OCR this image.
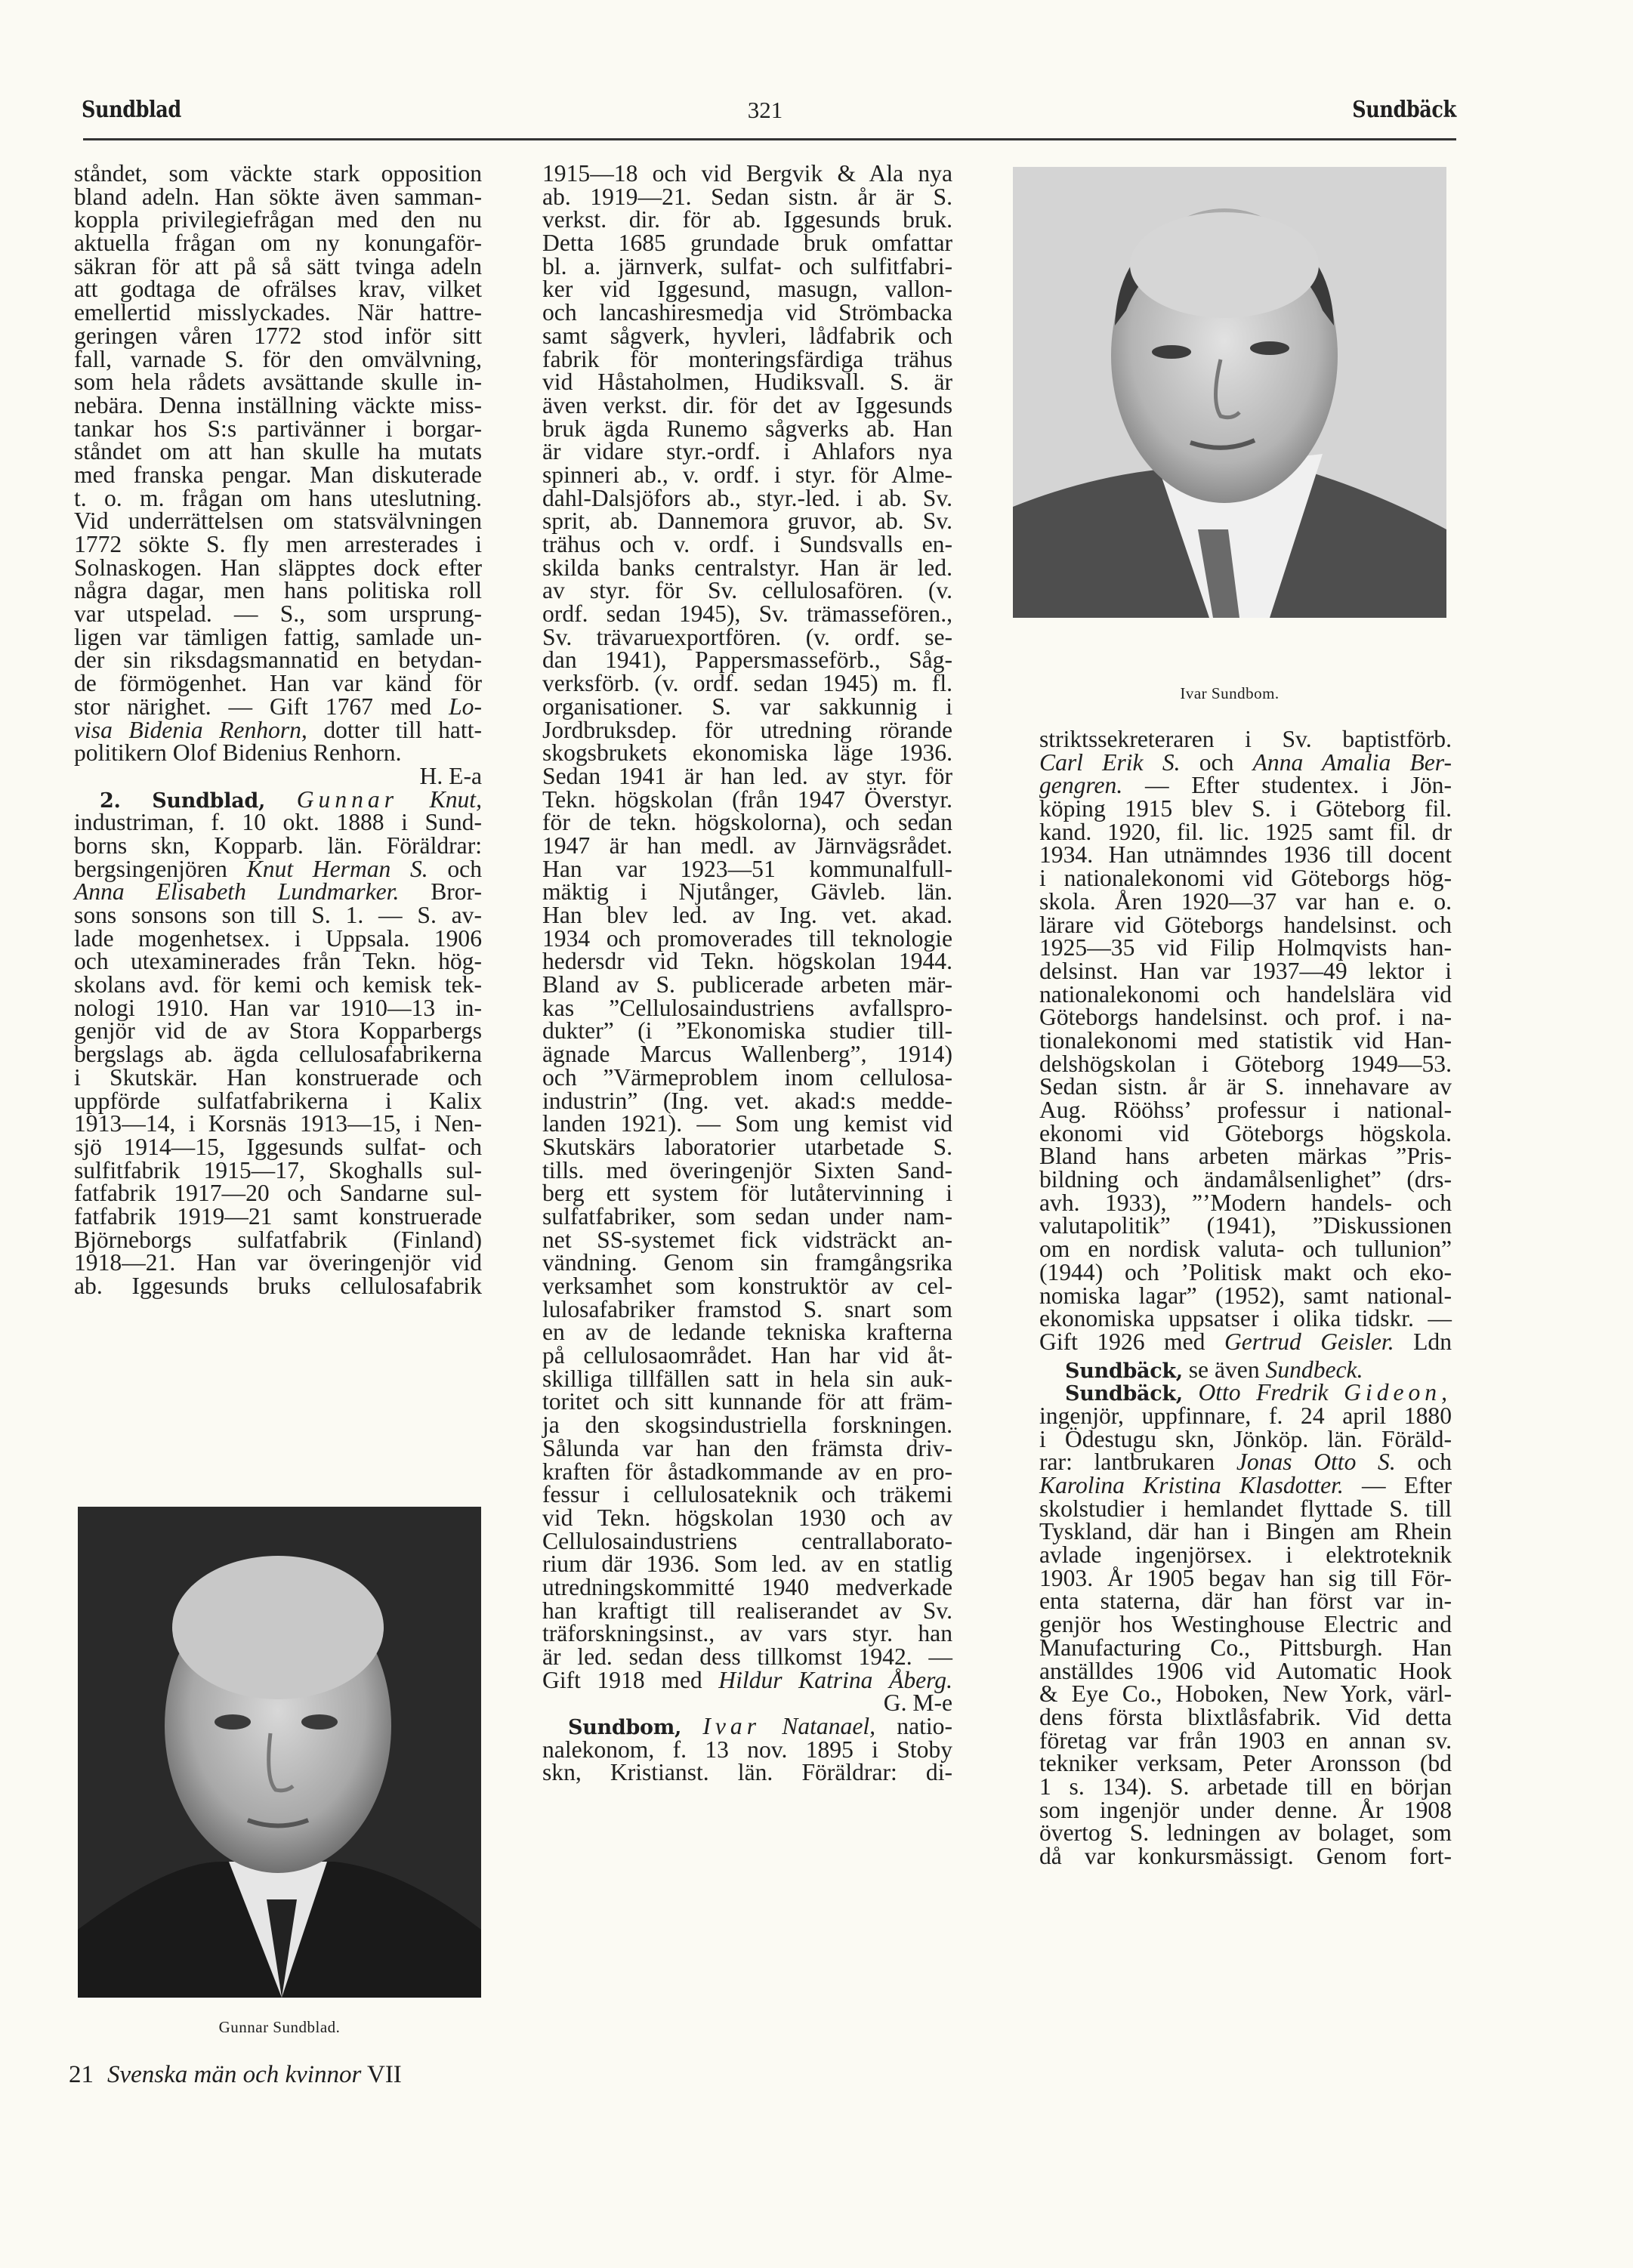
Sundblad	321	Sundbäck
ståndet, som väckte stark opposition
bland adeln. Han sökte även samman-
koppla privilegiefrågan med den nu
aktuella frågan om ny konungaför-
säkran för att på så sätt tvinga adeln
att godtaga de ofrälses krav, vilket
emellertid misslyckades. När hattre-
geringen våren 1772 stod inför sitt
fall, varnade S. för den omvälvning,
som hela rådets avsättande skulle in-
nebära. Denna inställning väckte miss-
tankar hos S:s partivänner i borgar-
ståndet om att han skulle ha mutats
med franska pengar. Man diskuterade
t. o. m. frågan om hans uteslutning.
Vid underrättelsen om statsvälvningen
1772 sökte S. fly men arresterades i
Solnaskogen. Han släpptes dock efter
några dagar, men hans politiska roll
var utspelad. — S., som ursprung-
ligen var tämligen fattig, samlade un-
der sin riksdagsmannatid en betydan-
de förmögenhet. Han var känd för
stor närighet. — Gift 1767 med Lo-
visa Bidenia Renhorn, dotter till hatt-
politikern Olof Bidenius Renhorn.
H. E-a
2. Sundblad, Gunnar Knut,
industriman, f. 10 okt. 1888 i Sund-
borns skn, Kopparb. län. Föräldrar:
bergsingenjören Knut Herman S. och
Anna Elisabeth Lundmarker. Bror-
sons sonsons son till S. 1. — S. av-
lade mogenhetsex. i Uppsala. 1906
och utexaminerades från Tekn. hög-
skolans avd. för kemi och kemisk tek-
nologi 1910. Han var 1910—13 in-
genjör vid de av Stora Kopparbergs
bergslags ab. ägda cellulosafabrikerna
i Skutskär. Han konstruerade och
uppförde sulfatfabrikerna i Kalix
1913—14, i Korsnäs 1913—15, i Nen-
sjö 1914—15, Iggesunds sulfat- och
sulfitfabrik 1915—17, Skoghalls sul-
fatfabrik 1917—20 och Sandarne sul-
fatfabrik 1919—21 samt konstruerade
Björneborgs sulfatfabrik (Finland)
1918—21. Han var överingenjör vid
ab. Iggesunds bruks cellulosafabrik
Gunnar Sundblad.
1915—18 och vid Bergvik & Ala nya
ab. 1919—21. Sedan sistn. år är S.
verkst. dir. för ab. Iggesunds bruk.
Detta 1685 grundade bruk omfattar
bl. a. järnverk, sulfat- och sulfitfabri-
ker vid Iggesund, masugn, vallon-
och lancashiresmedja vid Strömbacka
samt sågverk, hyvleri, lådfabrik och
fabrik för monteringsfärdiga trähus
vid Håstaholmen, Hudiksvall. S. är
även verkst. dir. för det av Iggesunds
bruk ägda Runemo sågverks ab. Han
är vidare styr.-ordf. i Ahlafors nya
spinneri ab., v. ordf. i styr. för Alme-
dahl-Dalsjöfors ab., styr.-led. i ab. Sv.
sprit, ab. Dannemora gruvor, ab. Sv.
trähus och v. ordf. i Sundsvalls en-
skilda banks centralstyr. Han är led.
av styr. för Sv. cellulosafören. (v.
ordf. sedan 1945), Sv. trämassefören.,
Sv. trävaruexportfören. (v. ordf. se-
dan 1941), Pappersmasseförb., Såg-
verksförb. (v. ordf. sedan 1945) m. fl.
organisationer. S. var sakkunnig i
Jordbruksdep. för utredning rörande
skogsbrukets ekonomiska läge 1936.
Sedan 1941 är han led. av styr. för
Tekn. högskolan (från 1947 Överstyr.
för de tekn. högskolorna), och sedan
1947 är han medl. av Järnvägsrådet.
Han var 1923—51 kommunalfull-
mäktig i Njutånger, Gävleb. län.
Han blev led. av Ing. vet. akad.
1934 och promoverades till teknologie
hedersdr vid Tekn. högskolan 1944.
Bland av S. publicerade arbeten mär-
kas ”Cellulosaindustriens avfallspro-
dukter” (i ”Ekonomiska studier till-
ägnade Marcus Wallenberg”, 1914)
och ”Värmeproblem inom cellulosa-
industrin” (Ing. vet. akad:s medde-
landen 1921). — Som ung kemist vid
Skutskärs laboratorier utarbetade S.
tills. med överingenjör Sixten Sand-
berg ett system för lutåtervinning i
sulfatfabriker, som sedan under nam-
net SS-systemet fick vidsträckt an-
vändning. Genom sin framgångsrika
verksamhet som konstruktör av cel-
lulosafabriker framstod S. snart som
en av de ledande tekniska krafterna
på cellulosaområdet. Han har vid åt-
skilliga tillfällen satt in hela sin auk-
toritet och sitt kunnande för att främ-
ja den skogsindustriella forskningen.
Sålunda var han den främsta driv-
kraften för åstadkommande av en pro-
fessur i cellulosateknik och träkemi
vid Tekn. högskolan 1930 och av
Cellulosaindustriens centrallaborato-
rium där 1936. Som led. av en statlig
utredningskommitté 1940 medverkade
han kraftigt till realiserandet av Sv.
träforskningsinst., av vars styr. han
är led. sedan dess tillkomst 1942. —
Gift 1918 med Hildur Katrina Åberg.
G. M-e
Sundbom, Ivar Natanael, natio-
nalekonom, f. 13 nov. 1895 i Stoby
skn, Kristianst. län. Föräldrar: di-
Ivar Sundbom.
striktssekreteraren i Sv. baptistförb.
Carl Erik S. och Anna Amalia Ber-
gengren. — Efter studentex. i Jön-
köping 1915 blev S. i Göteborg fil.
kand. 1920, fil. lic. 1925 samt fil. dr
1934. Han utnämndes 1936 till docent
i nationalekonomi vid Göteborgs hög-
skola. Åren 1920—37 var han e. o.
lärare vid Göteborgs handelsinst. och
1925—35 vid Filip Holmqvists han-
delsinst. Han var 1937—49 lektor i
nationalekonomi och handelslära vid
Göteborgs handelsinst. och prof. i na-
tionalekonomi med statistik vid Han-
delshögskolan i Göteborg 1949—53.
Sedan sistn. år är S. innehavare av
Aug. Rööhss’ professur i national-
ekonomi vid Göteborgs högskola.
Bland hans arbeten märkas ”Pris-
bildning och ändamålsenlighet” (drs-
avh. 1933), ”’Modern handels- och
valutapolitik” (1941), ”Diskussionen
om en nordisk valuta- och tullunion”
(1944) och ’Politisk makt och eko-
nomiska lagar” (1952), samt national-
ekonomiska uppsatser i olika tidskr. —
Gift 1926 med Gertrud Geisler. Ldn
Sundbäck, se även Sundbeck.
Sundbäck, Otto Fredrik Gideon,
ingenjör, uppfinnare, f. 24 april 1880
i Ödestugu skn, Jönköp. län. Föräld-
rar: lantbrukaren Jonas Otto S. och
Karolina Kristina Klasdotter. — Efter
skolstudier i hemlandet flyttade S. till
Tyskland, där han i Bingen am Rhein
avlade ingenjörsex. i elektroteknik
1903. År 1905 begav han sig till För-
enta staterna, där han först var in-
genjör hos Westinghouse Electric and
Manufacturing Co., Pittsburgh. Han
anställdes 1906 vid Automatic Hook
& Eye Co., Hoboken, New York, värl-
dens första blixtlåsfabrik. Vid detta
företag var från 1903 en annan sv.
tekniker verksam, Peter Aronsson (bd
1 s. 134). S. arbetade till en början
som ingenjör under denne. År 1908
övertog S. ledningen av bolaget, som
då var konkursmässigt. Genom fort-
21 Svenska män och kvinnor VII
